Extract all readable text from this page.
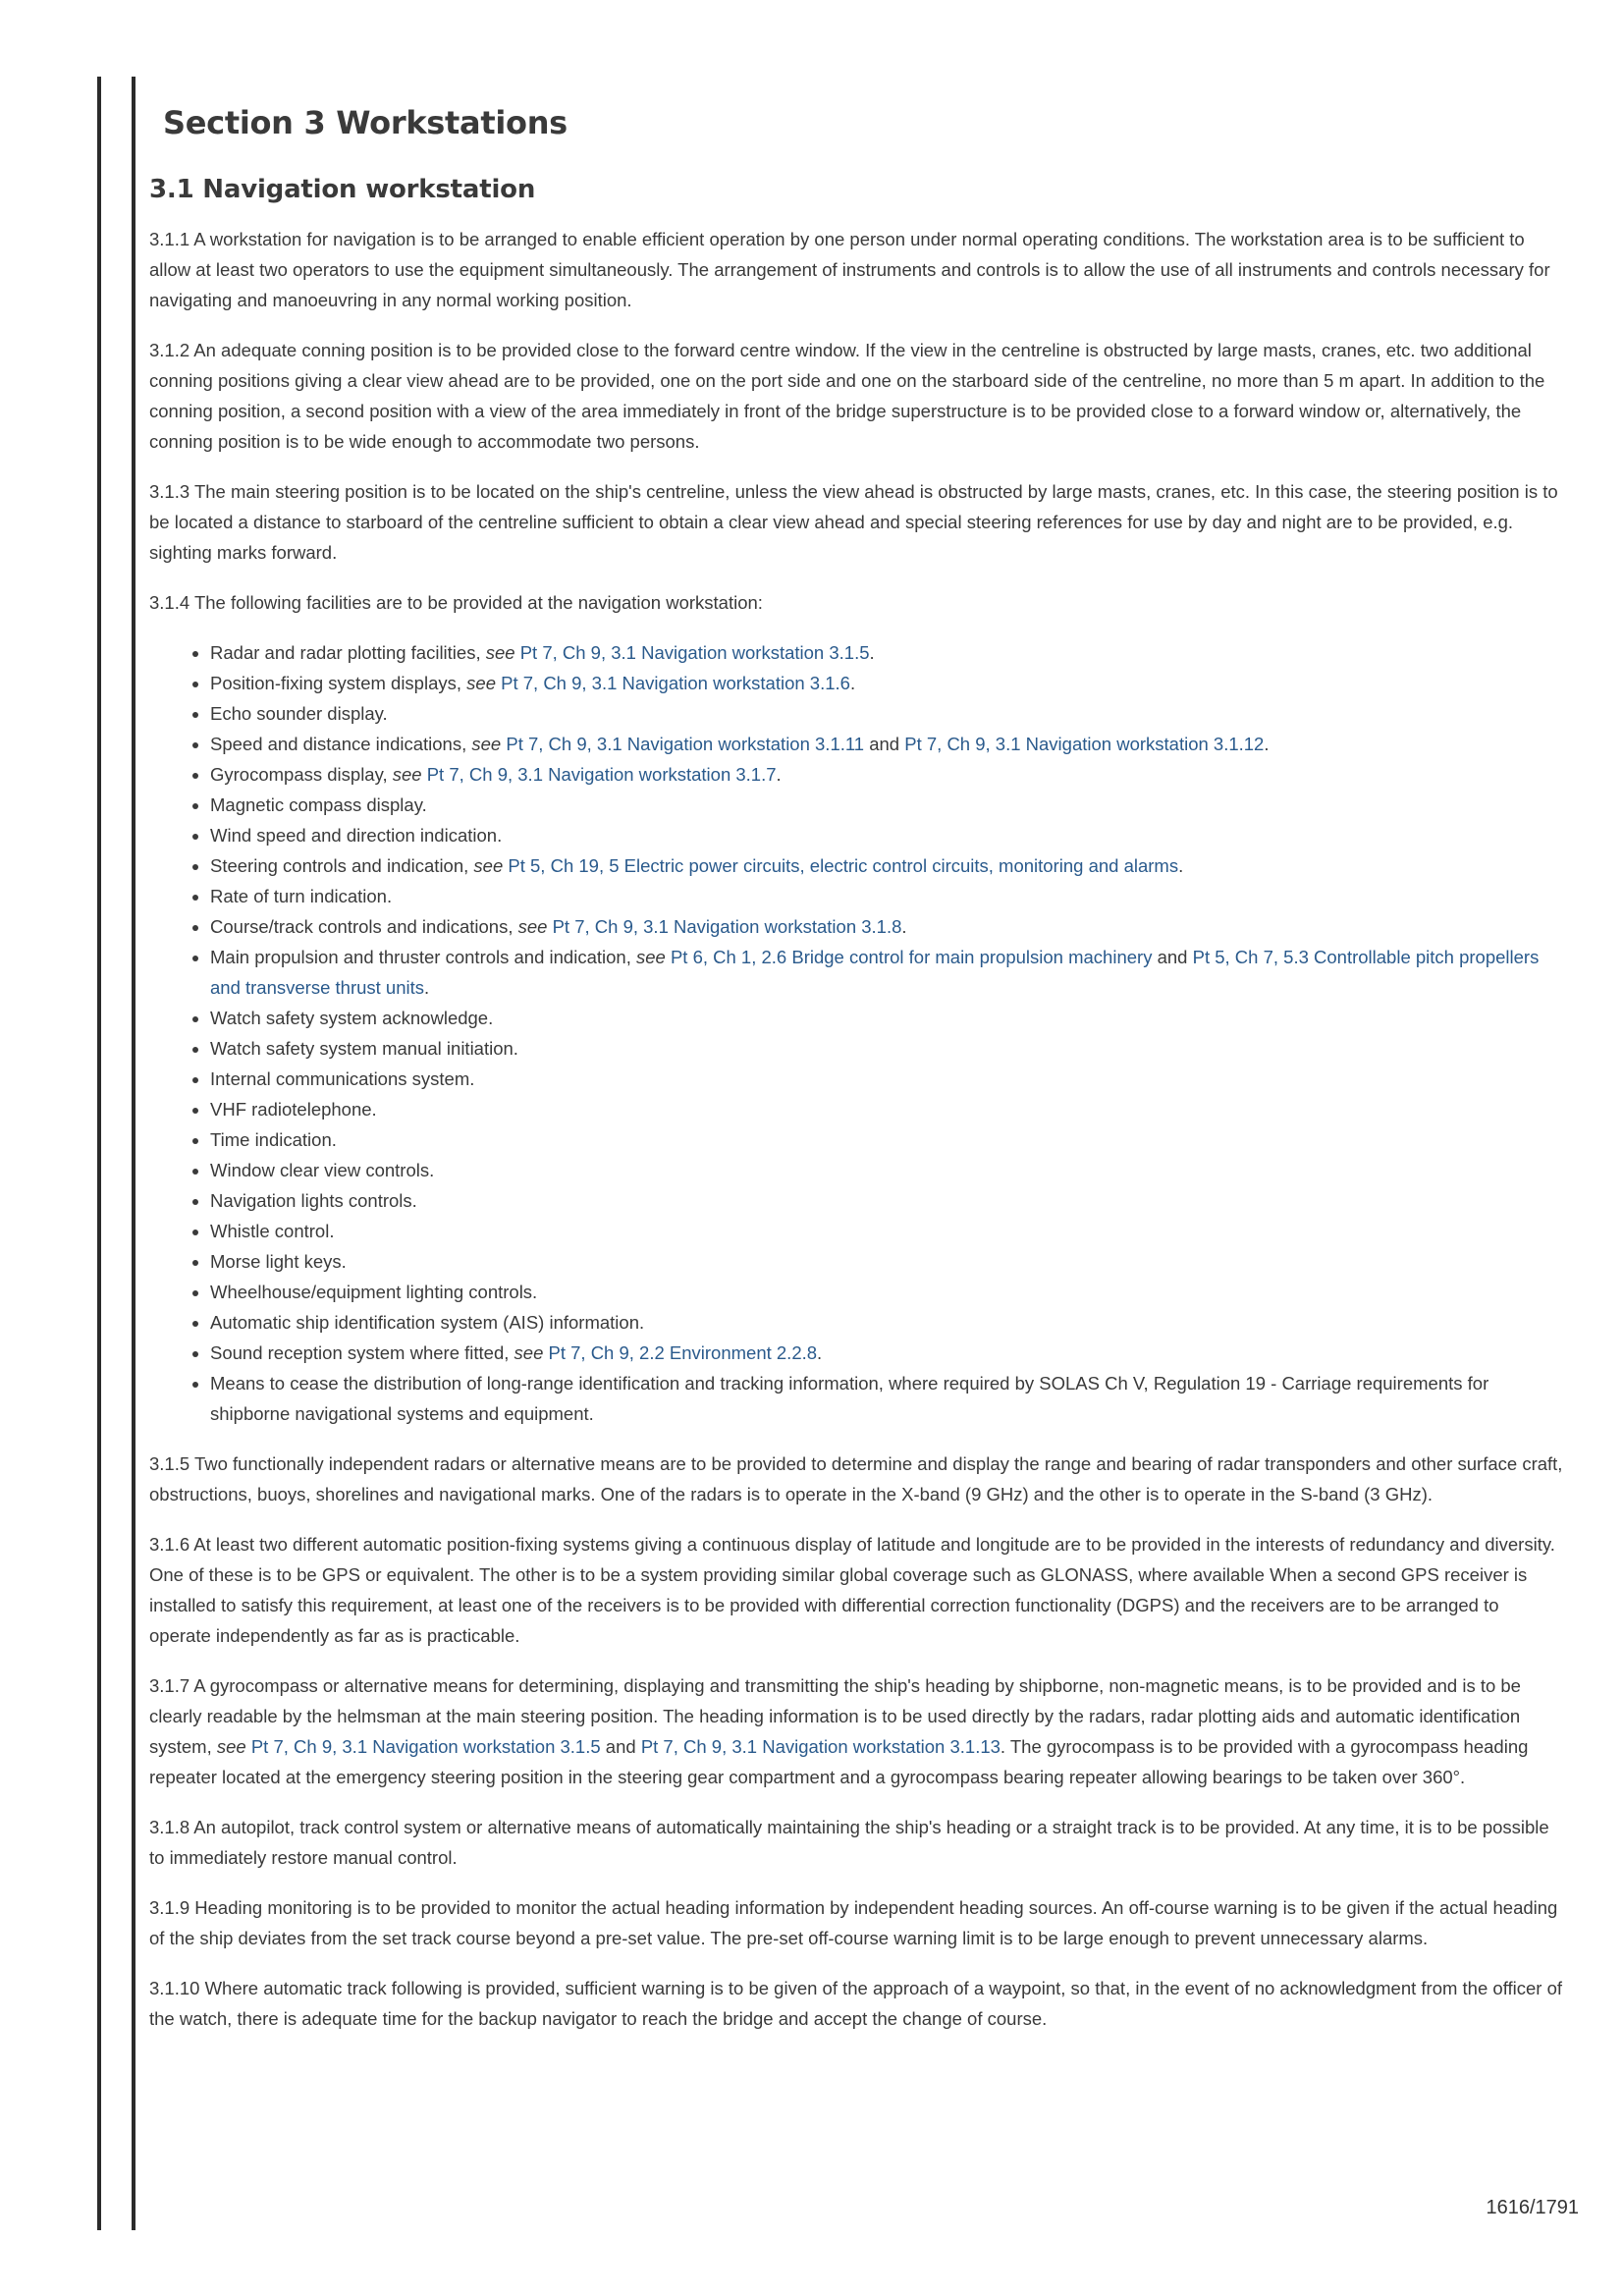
Section 3 Workstations
3.1 Navigation workstation

3.1.1 A workstation for navigation is to be arranged to enable efficient operation by one person under normal operating conditions. The workstation area is to be sufficient to allow at least two operators to use the equipment simultaneously. The arrangement of instruments and controls is to allow the use of all instruments and controls necessary for navigating and manoeuvring in any normal working position.

3.1.2 An adequate conning position is to be provided close to the forward centre window. If the view in the centreline is obstructed by large masts, cranes, etc. two additional conning positions giving a clear view ahead are to be provided, one on the port side and one on the starboard side of the centreline, no more than 5 m apart. In addition to the conning position, a second position with a view of the area immediately in front of the bridge superstructure is to be provided close to a forward window or, alternatively, the conning position is to be wide enough to accommodate two persons.

3.1.3 The main steering position is to be located on the ship's centreline, unless the view ahead is obstructed by large masts, cranes, etc. In this case, the steering position is to be located a distance to starboard of the centreline sufficient to obtain a clear view ahead and special steering references for use by day and night are to be provided, e.g. sighting marks forward.

3.1.4 The following facilities are to be provided at the navigation workstation:

• Radar and radar plotting facilities, see Pt 7, Ch 9, 3.1 Navigation workstation 3.1.5.
• Position-fixing system displays, see Pt 7, Ch 9, 3.1 Navigation workstation 3.1.6.
• Echo sounder display.
• Speed and distance indications, see Pt 7, Ch 9, 3.1 Navigation workstation 3.1.11 and Pt 7, Ch 9, 3.1 Navigation workstation 3.1.12.
• Gyrocompass display, see Pt 7, Ch 9, 3.1 Navigation workstation 3.1.7.
• Magnetic compass display.
• Wind speed and direction indication.
• Steering controls and indication, see Pt 5, Ch 19, 5 Electric power circuits, electric control circuits, monitoring and alarms.
• Rate of turn indication.
• Course/track controls and indications, see Pt 7, Ch 9, 3.1 Navigation workstation 3.1.8.
• Main propulsion and thruster controls and indication, see Pt 6, Ch 1, 2.6 Bridge control for main propulsion machinery and Pt 5, Ch 7, 5.3 Controllable pitch propellers and transverse thrust units.
• Watch safety system acknowledge.
• Watch safety system manual initiation.
• Internal communications system.
• VHF radiotelephone.
• Time indication.
• Window clear view controls.
• Navigation lights controls.
• Whistle control.
• Morse light keys.
• Wheelhouse/equipment lighting controls.
• Automatic ship identification system (AIS) information.
• Sound reception system where fitted, see Pt 7, Ch 9, 2.2 Environment 2.2.8.
• Means to cease the distribution of long-range identification and tracking information, where required by SOLAS Ch V, Regulation 19 - Carriage requirements for shipborne navigational systems and equipment.

3.1.5 Two functionally independent radars or alternative means are to be provided to determine and display the range and bearing of radar transponders and other surface craft, obstructions, buoys, shorelines and navigational marks. One of the radars is to operate in the X-band (9 GHz) and the other is to operate in the S-band (3 GHz).

3.1.6 At least two different automatic position-fixing systems giving a continuous display of latitude and longitude are to be provided in the interests of redundancy and diversity. One of these is to be GPS or equivalent. The other is to be a system providing similar global coverage such as GLONASS, where available When a second GPS receiver is installed to satisfy this requirement, at least one of the receivers is to be provided with differential correction functionality (DGPS) and the receivers are to be arranged to operate independently as far as is practicable.

3.1.7 A gyrocompass or alternative means for determining, displaying and transmitting the ship's heading by shipborne, non-magnetic means, is to be provided and is to be clearly readable by the helmsman at the main steering position. The heading information is to be used directly by the radars, radar plotting aids and automatic identification system, see Pt 7, Ch 9, 3.1 Navigation workstation 3.1.5 and Pt 7, Ch 9, 3.1 Navigation workstation 3.1.13. The gyrocompass is to be provided with a gyrocompass heading repeater located at the emergency steering position in the steering gear compartment and a gyrocompass bearing repeater allowing bearings to be taken over 360°.

3.1.8 An autopilot, track control system or alternative means of automatically maintaining the ship's heading or a straight track is to be provided. At any time, it is to be possible to immediately restore manual control.

3.1.9 Heading monitoring is to be provided to monitor the actual heading information by independent heading sources. An off-course warning is to be given if the actual heading of the ship deviates from the set track course beyond a pre-set value. The pre-set off-course warning limit is to be large enough to prevent unnecessary alarms.

3.1.10 Where automatic track following is provided, sufficient warning is to be given of the approach of a waypoint, so that, in the event of no acknowledgment from the officer of the watch, there is adequate time for the backup navigator to reach the bridge and accept the change of course.

1616/1791
